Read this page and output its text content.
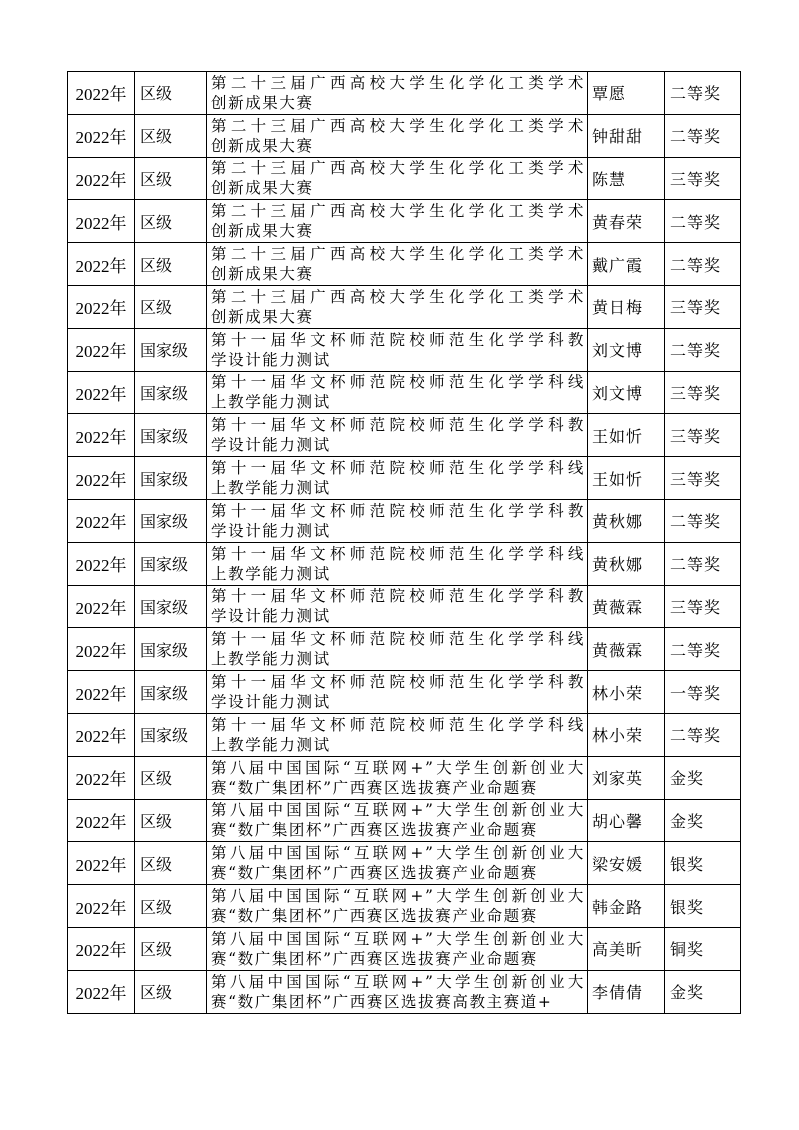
2022年	区级	第二十三届广西高校大学生化学化工类学术
创新成果大赛	覃愿	二等奖
2022年	区级	第二十三届广西高校大学生化学化工类学术
创新成果大赛	钟甜甜	二等奖
2022年	区级	第二十三届广西高校大学生化学化工类学术
创新成果大赛	陈慧	三等奖
2022年	区级	第二十三届广西高校大学生化学化工类学术
创新成果大赛	黄春荣	二等奖
2022年	区级	第二十三届广西高校大学生化学化工类学术
创新成果大赛	戴广霞	二等奖
2022年	区级	第二十三届广西高校大学生化学化工类学术
创新成果大赛	黄日梅	三等奖
2022年	国家级	第十一届华文杯师范院校师范生化学学科教
学设计能力测试	刘文博	二等奖
2022年	国家级	第十一届华文杯师范院校师范生化学学科线
上教学能力测试	刘文博	三等奖
2022年	国家级	第十一届华文杯师范院校师范生化学学科教
学设计能力测试	王如忻	三等奖
2022年	国家级	第十一届华文杯师范院校师范生化学学科线
上教学能力测试	王如忻	三等奖
2022年	国家级	第十一届华文杯师范院校师范生化学学科教
学设计能力测试	黄秋娜	二等奖
2022年	国家级	第十一届华文杯师范院校师范生化学学科线
上教学能力测试	黄秋娜	二等奖
2022年	国家级	第十一届华文杯师范院校师范生化学学科教
学设计能力测试	黄薇霖	三等奖
2022年	国家级	第十一届华文杯师范院校师范生化学学科线
上教学能力测试	黄薇霖	二等奖
2022年	国家级	第十一届华文杯师范院校师范生化学学科教
学设计能力测试	林小荣	一等奖
2022年	国家级	第十一届华文杯师范院校师范生化学学科线
上教学能力测试	林小荣	二等奖
2022年	区级	第八届中国国际“互联网+”大学生创新创业大
赛“数广集团杯”广西赛区选拔赛产业命题赛	刘家英	金奖
2022年	区级	第八届中国国际“互联网+”大学生创新创业大
赛“数广集团杯”广西赛区选拔赛产业命题赛	胡心馨	金奖
2022年	区级	第八届中国国际“互联网+”大学生创新创业大
赛“数广集团杯”广西赛区选拔赛产业命题赛	梁安媛	银奖
2022年	区级	第八届中国国际“互联网+”大学生创新创业大
赛“数广集团杯”广西赛区选拔赛产业命题赛	韩金路	银奖
2022年	区级	第八届中国国际“互联网+”大学生创新创业大
赛“数广集团杯”广西赛区选拔赛产业命题赛	高美昕	铜奖
2022年	区级	第八届中国国际“互联网+”大学生创新创业大
赛“数广集团杯”广西赛区选拔赛高教主赛道+	李倩倩	金奖
